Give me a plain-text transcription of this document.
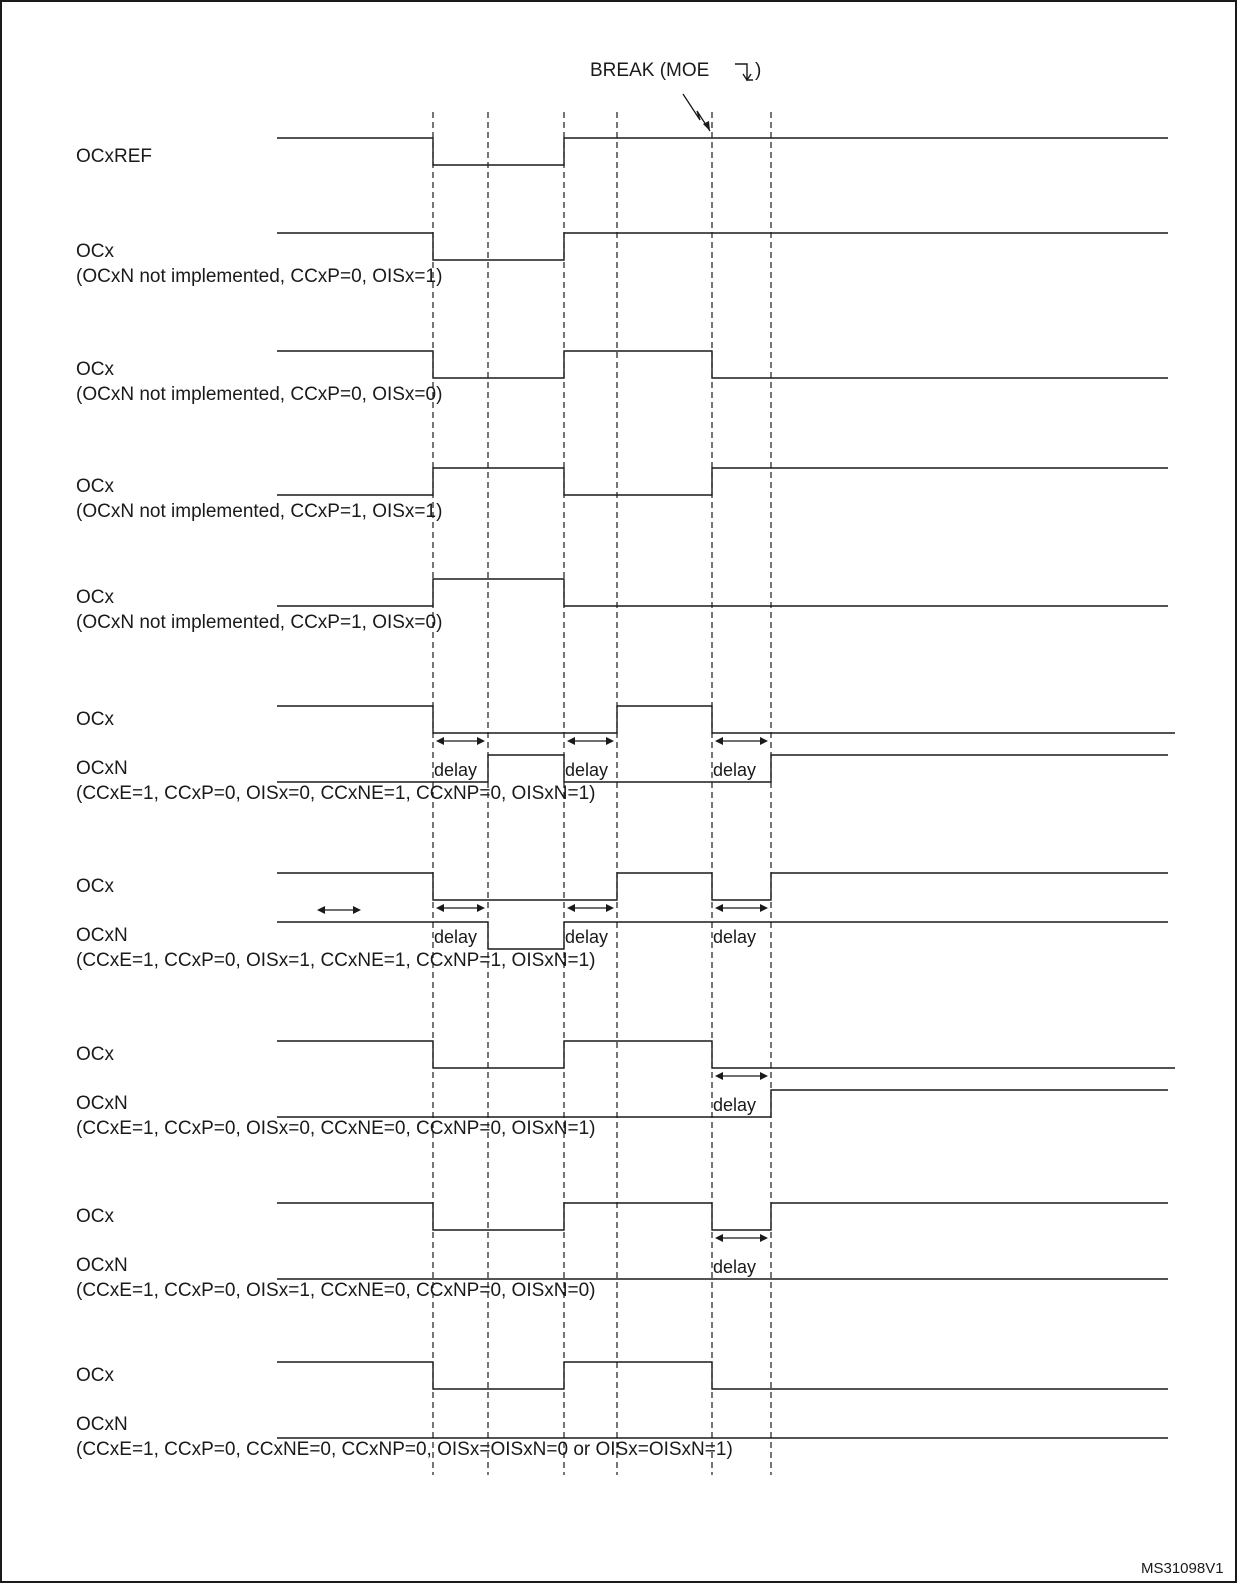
OCxREF
OCx
(OCxN not implemented, CCxP=0, OISx=1)
OCx
(OCxN not implemented, CCxP=0, OISx=0)
OCx
(OCxN not implemented, CCxP=1, OISx=1)
OCx
(OCxN not implemented, CCxP=1, OISx=0)
OCx
OCxN
(CCxE=1, CCxP=0, OISx=0, CCxNE=1, CCxNP=0, OISxN=1)
OCx
OCxN
(CCxE=1, CCxP=0, OISx=1, CCxNE=1, CCxNP=1, OISxN=1)
OCx
OCxN
(CCxE=1, CCxP=0, OISx=0, CCxNE=0, CCxNP=0, OISxN=1)
OCx
OCxN
(CCxE=1, CCxP=0, OISx=1, CCxNE=0, CCxNP=0, OISxN=0)
OCx
OCxN
(CCxE=1, CCxP=0, CCxNE=0, CCxNP=0, OISx=OISxN=0 or OISx=OISxN=1)
delay	delay	delay
delay	delay	delay
delay
delay
BREAK (MOE )
MS31098V1
